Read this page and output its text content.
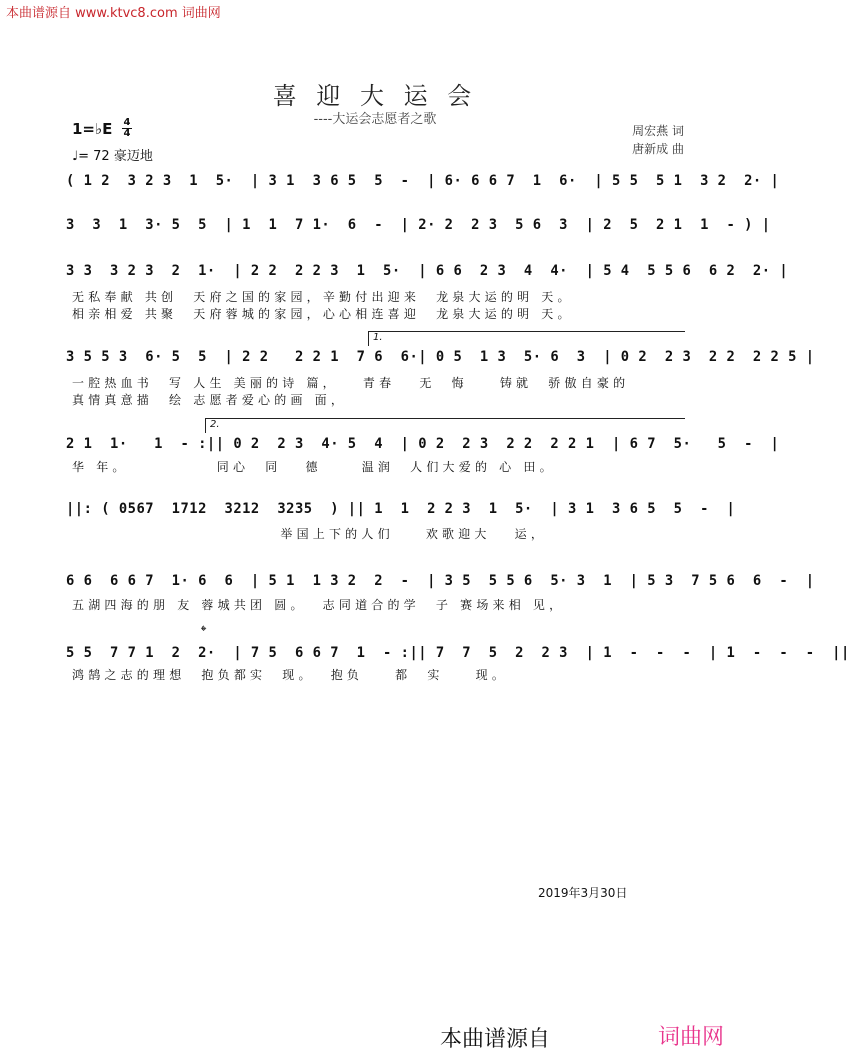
本曲谱源自 www.ktvc8.com 词曲网
喜 迎 大 运 会
----大运会志愿者之歌
周宏燕 词
唐新成 曲
1=♭E 4
4
♩= 72 豪迈地
( 1 2  3 2 3  1  5·  | 3 1  3 6 5  5  -  | 6· 6 6 7  1  6·  | 5 5  5 1  3 2  2· |
3  3  1  3· 5  5  | 1  1  7 1·  6  -  | 2· 2  2 3  5 6  3  | 2  5  2 1  1  - ) |
3 3  3 2 3  2  1·  | 2 2  2 2 3  1  5·  | 6 6  2 3  4  4·  | 5 4  5 5 6  6 2  2· |
无私奉献 共创  天府之国的家园，辛勤付出迎来  龙泉大运的明 天。
相亲相爱 共聚  天府蓉城的家园，心心相连喜迎  龙泉大运的明 天。
1.
3 5 5 3  6· 5  5  | 2 2   2 2 1  7 6  6·| 0 5  1 3  5· 6  3  | 0 2  2 3  2 2  2 2 5 |
一腔热血书  写 人生 美丽的诗 篇，   青春   无  悔    铸就  骄傲自豪的
真情真意描  绘 志愿者爱心的画 面，
2.
2 1  1·   1  - :|| 0 2  2 3  4· 5  4  | 0 2  2 3  2 2  2 2 1  | 6 7  5·   5  -  |
华 年。           同心  同   德     温润  人们大爱的 心 田。
||: ( 0567  1712  3212  3235  ) || 1  1  2 2 3  1  5·  | 3 1  3 6 5  5  -  |
举国上下的人们    欢歌迎大   运，
6 6  6 6 7  1· 6  6  | 5 1  1 3 2  2  -  | 3 5  5 5 6  5· 3  1  | 5 3  7 5 6  6  -  |
五湖四海的朋 友 蓉城共团 圆。  志同道合的学  子 赛场来相 见，
𝄌
5 5  7 7 1  2  2·  | 7 5  6 6 7  1  - :|| 7  7  5  2  2 3  | 1  -  -  -  | 1  -  -  -  ||
鸿鹄之志的理想  抱负都实  现。  抱负    都  实    现。
2019年3月30日
本曲谱源自	词曲网
